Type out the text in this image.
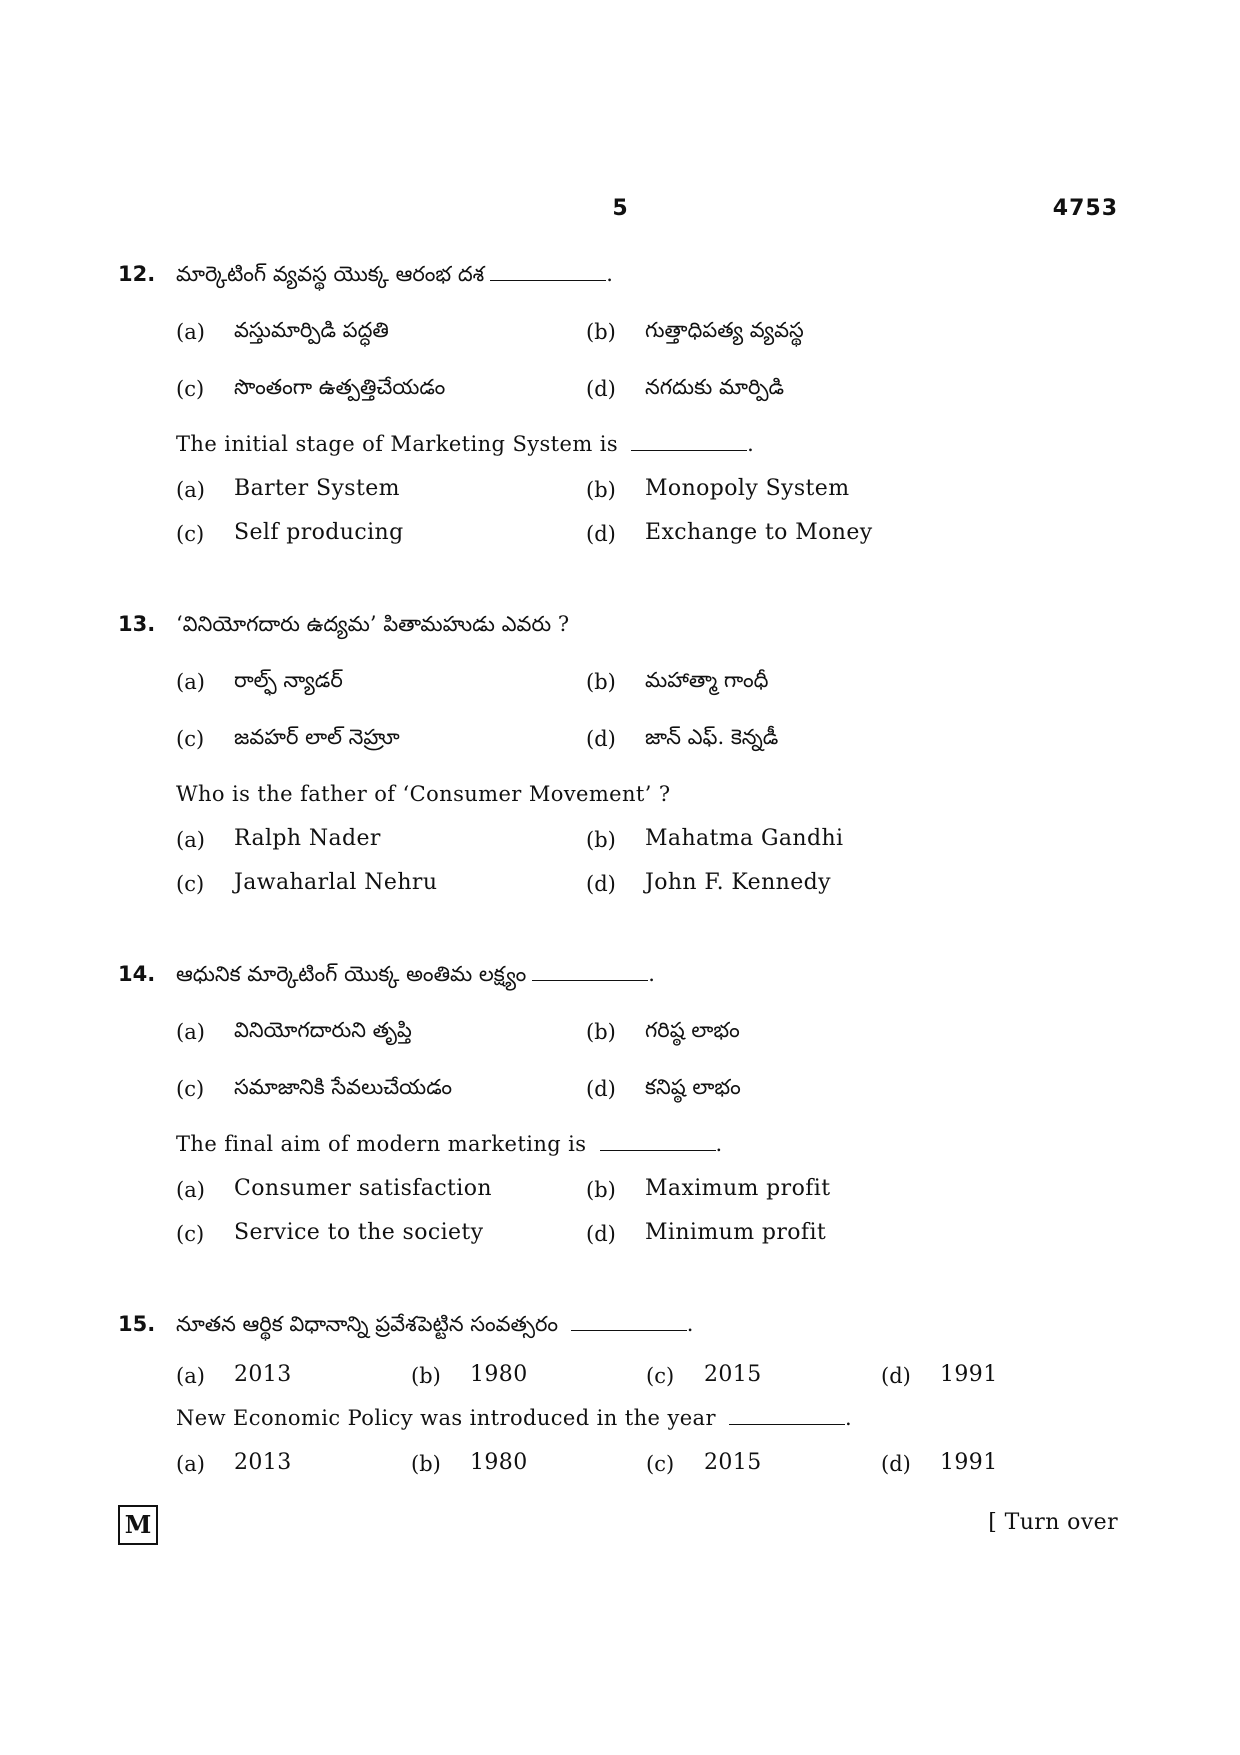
5	4753
12. మార్కెటింగ్ వ్యవస్థ యొక్క ఆరంభ దశ	.
(a)	వస్తుమార్పిడి పద్ధతి	(b)	గుత్తాధిపత్య వ్యవస్థ
(c)	సొంతంగా ఉత్పత్తిచేయడం	(d)	నగదుకు మార్పిడి
The initial stage of Marketing System is	.
(a)	Barter System	(b)	Monopoly System
(c)	Self producing	(d)	Exchange to Money
13. ‘వినియోగదారు ఉద్యమ’ పితామహుడు ఎవరు ?
(a)	రాల్ఫ్ న్యాడర్	(b)	మహాత్మా గాంధీ
(c)	జవహర్ లాల్ నెహ్రూ	(d)	జాన్ ఎఫ్. కెన్నడీ
Who is the father of ‘Consumer Movement’ ?
(a)	Ralph Nader	(b)	Mahatma Gandhi
(c)	Jawaharlal Nehru	(d)	John F. Kennedy
14. ఆధునిక మార్కెటింగ్ యొక్క అంతిమ లక్ష్యం	.
(a)	వినియోగదారుని తృప్తి	(b)	గరిష్ఠ లాభం
(c)	సమాజానికి సేవలుచేయడం	(d)	కనిష్ఠ లాభం
The final aim of modern marketing is	.
(a)	Consumer satisfaction	(b)	Maximum profit
(c)	Service to the society	(d)	Minimum profit
15. నూతన ఆర్థిక విధానాన్ని ప్రవేశపెట్టిన సంవత్సరం	.
(a)	2013	(b)	1980	(c)	2015	(d)	1991
New Economic Policy was introduced in the year	.
(a)	2013	(b)	1980	(c)	2015	(d)	1991
M	[ Turn over
